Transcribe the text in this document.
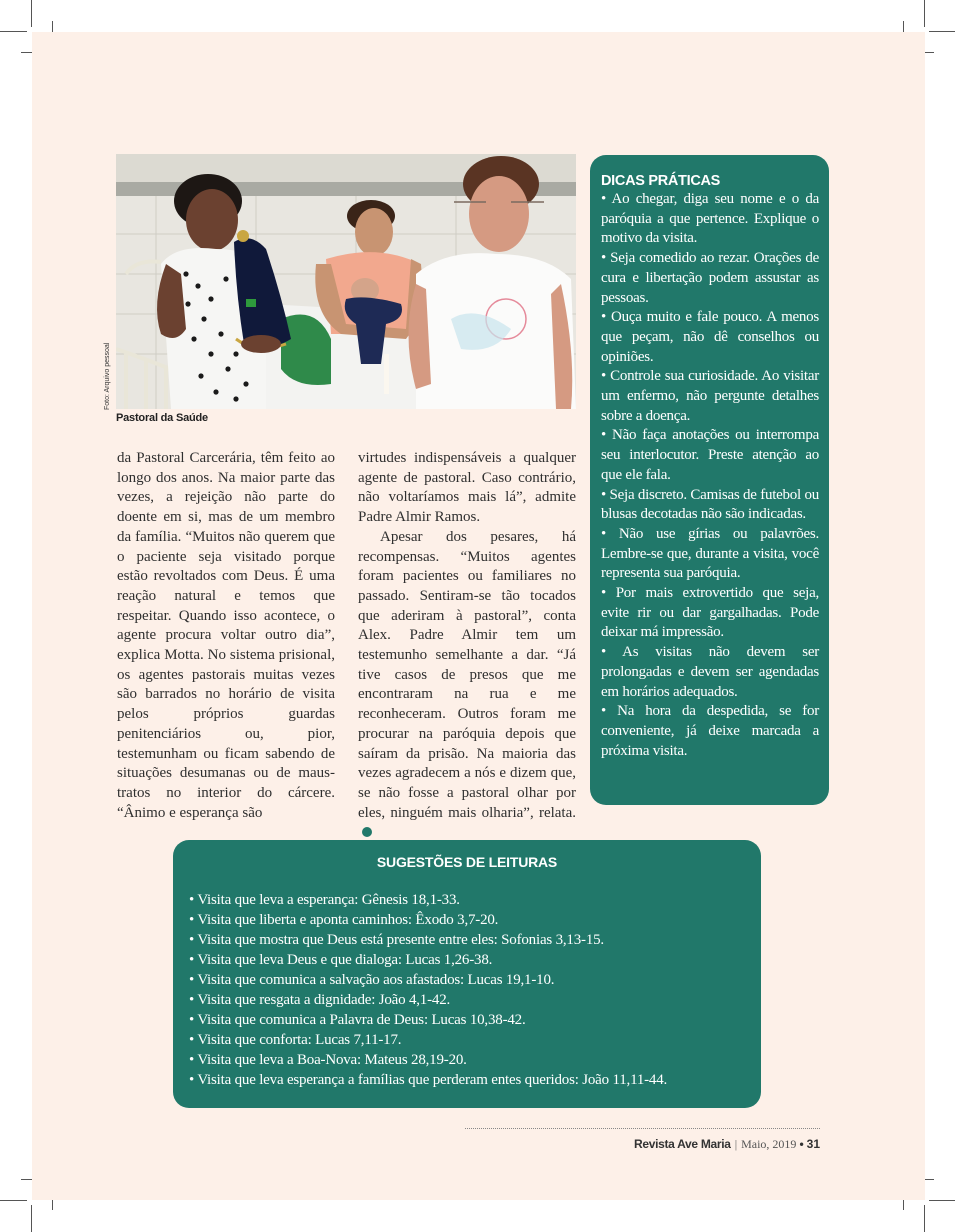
Foto: Arquivo pessoal
Pastoral da Saúde

da Pastoral Carcerária, têm feito ao longo dos anos. Na maior parte das vezes, a rejeição não parte do doente em si, mas de um membro da família. “Muitos não querem que o paciente seja visitado porque estão revoltados com Deus. É uma reação natural e temos que respeitar. Quando isso acontece, o agente procura voltar outro dia”, explica Motta. No sistema prisional, os agentes pastorais muitas vezes são barrados no horário de visita pelos próprios guardas penitenciários ou, pior, testemunham ou ficam sabendo de situações desumanas ou de maus-tratos no interior do cárcere. “Ânimo e esperança são

virtudes indispensáveis a qualquer agente de pastoral. Caso contrário, não voltaríamos mais lá”, admite Padre Almir Ramos.

Apesar dos pesares, há recompensas. “Muitos agentes foram pacientes ou familiares no passado. Sentiram-se tão tocados que aderiram à pastoral”, conta Alex. Padre Almir tem um testemunho semelhante a dar. “Já tive casos de presos que me encontraram na rua e me reconheceram. Outros foram me procurar na paróquia depois que saíram da prisão. Na maioria das vezes agradecem a nós e dizem que, se não fosse a pastoral olhar por eles, ninguém mais olharia”, relata.

DICAS PRÁTICAS
• Ao chegar, diga seu nome e o da paróquia a que pertence. Explique o motivo da visita.
• Seja comedido ao rezar. Orações de cura e libertação podem assustar as pessoas.
• Ouça muito e fale pouco. A menos que peçam, não dê conselhos ou opiniões.
• Controle sua curiosidade. Ao visitar um enfermo, não pergunte detalhes sobre a doença.
• Não faça anotações ou interrompa seu interlocutor. Preste atenção ao que ele fala.
• Seja discreto. Camisas de futebol ou blusas decotadas não são indicadas.
• Não use gírias ou palavrões. Lembre-se que, durante a visita, você representa sua paróquia.
• Por mais extrovertido que seja, evite rir ou dar gargalhadas. Pode deixar má impressão.
• As visitas não devem ser prolongadas e devem ser agendadas em horários adequados.
• Na hora da despedida, se for conveniente, já deixe marcada a próxima visita.
SUGESTÕES DE LEITURAS
• Visita que leva a esperança: Gênesis 18,1-33.
• Visita que liberta e aponta caminhos: Êxodo 3,7-20.
• Visita que mostra que Deus está presente entre eles: Sofonias 3,13-15.
• Visita que leva Deus e que dialoga: Lucas 1,26-38.
• Visita que comunica a salvação aos afastados: Lucas 19,1-10.
• Visita que resgata a dignidade: João 4,1-42.
• Visita que comunica a Palavra de Deus: Lucas 10,38-42.
• Visita que conforta: Lucas 7,11-17.
• Visita que leva a Boa-Nova: Mateus 28,19-20.
• Visita que leva esperança a famílias que perderam entes queridos: João 11,11-44.
Revista Ave Maria | Maio, 2019 • 31
